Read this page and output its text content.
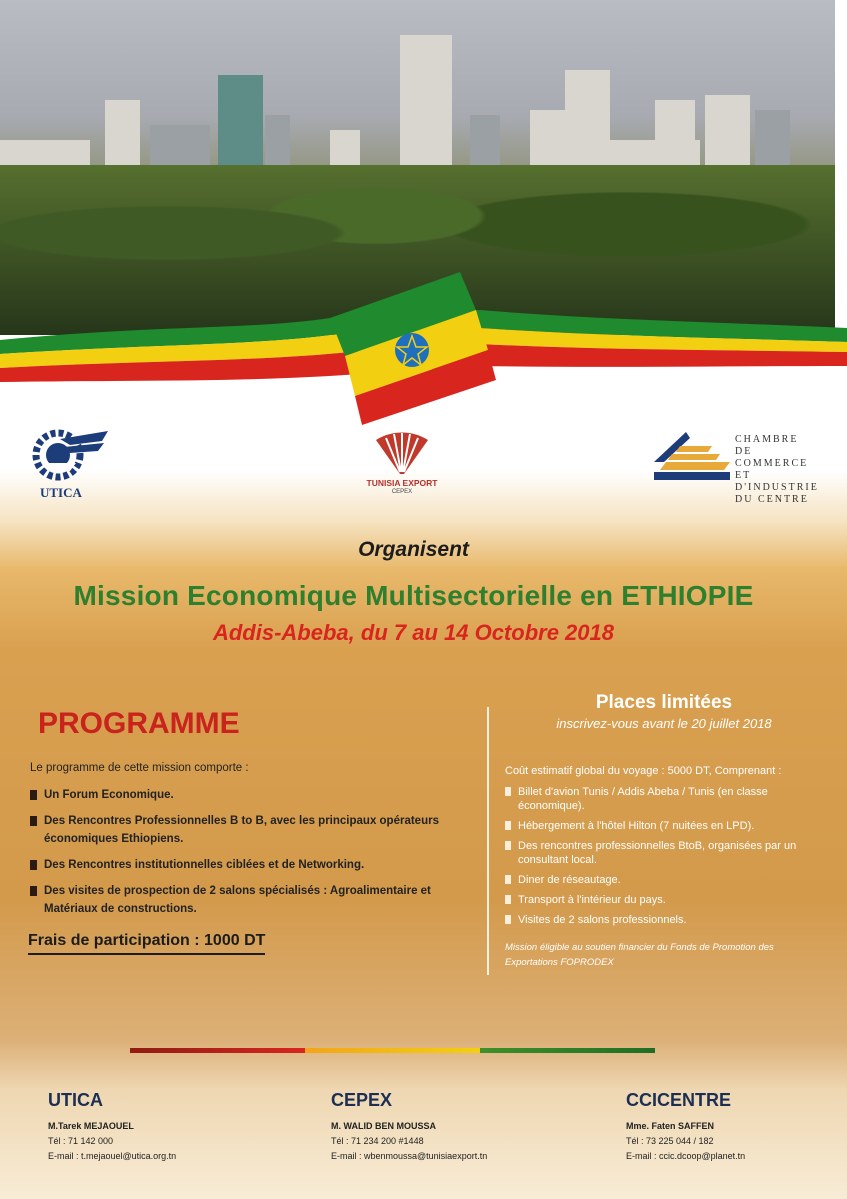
UTICA
TUNISIA EXPORT
CEPEX
CHAMBRE
DE COMMERCE
ET D'INDUSTRIE
DU CENTRE
Organisent
Mission Economique Multisectorielle en ETHIOPIE
Addis-Abeba, du 7 au 14 Octobre 2018
PROGRAMME
Le programme de cette mission comporte :
Un Forum Economique.
Des Rencontres Professionnelles B to B, avec les principaux opérateurs économiques Ethiopiens.
Des Rencontres institutionnelles ciblées et de Networking.
Des visites de prospection de 2 salons spécialisés : Agroalimentaire et Matériaux de constructions.
Frais de participation : 1000 DT
Places limitées
inscrivez-vous avant le 20 juillet 2018
Coût estimatif global du voyage : 5000 DT, Comprenant :
Billet d'avion Tunis / Addis Abeba / Tunis (en classe économique).
Hébergement à l'hôtel Hilton (7 nuitées en LPD).
Des rencontres professionnelles BtoB, organisées par un consultant local.
Diner de réseautage.
Transport à l'intérieur du pays.
Visites de 2 salons professionnels.
Mission éligible au soutien financier du Fonds de Promotion des Exportations FOPRODEX
UTICA
M.Tarek MEJAOUEL
Tél : 71 142 000
E-mail : t.mejaouel@utica.org.tn
CEPEX
M. WALID BEN MOUSSA
Tél : 71 234 200 #1448
E-mail : wbenmoussa@tunisiaexport.tn
CCICENTRE
Mme. Faten SAFFEN
Tél : 73 225 044 / 182
E-mail : ccic.dcoop@planet.tn
